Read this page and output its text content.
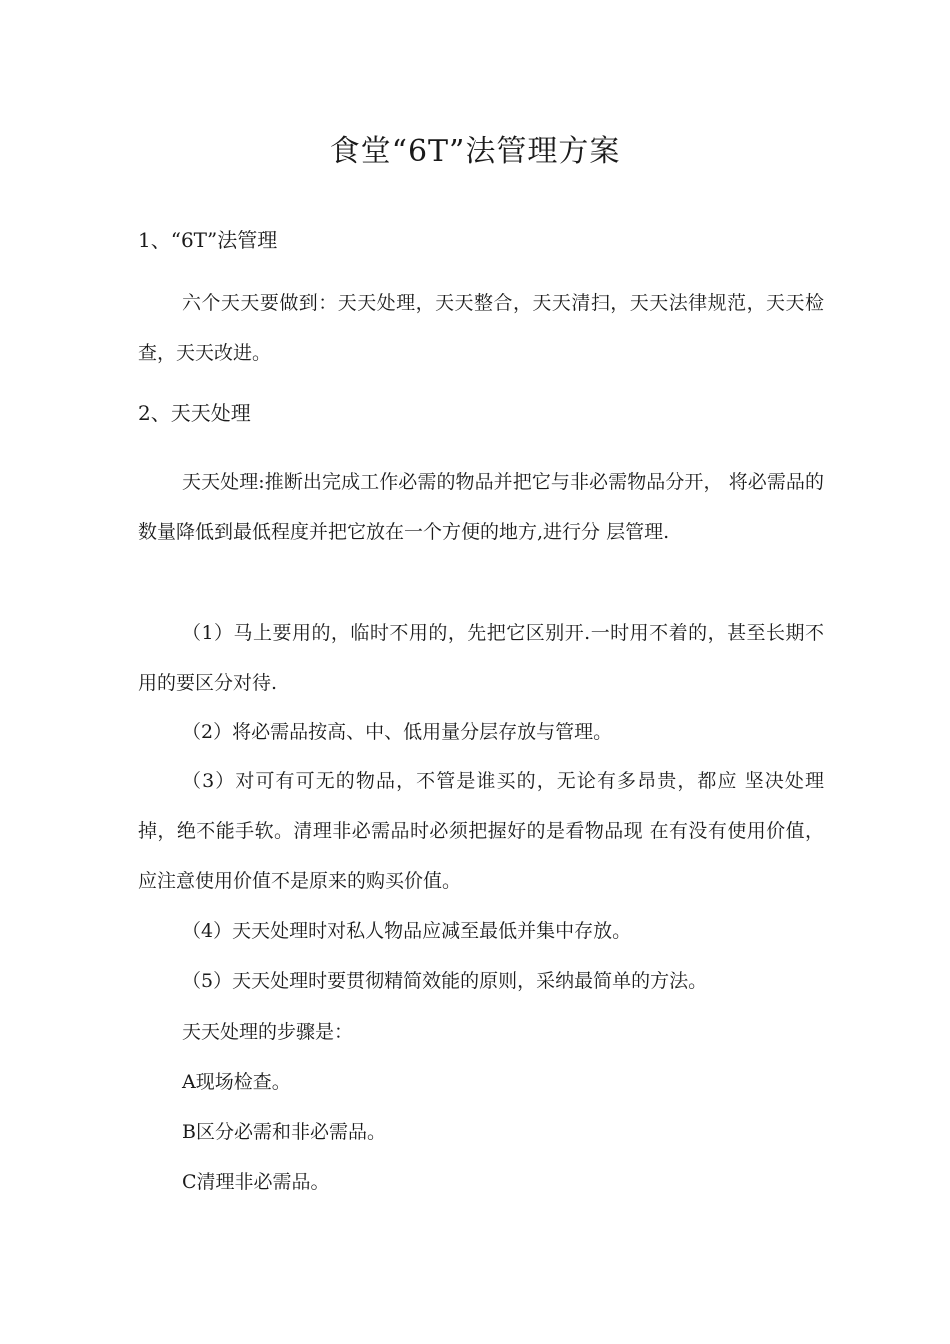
食堂“6T”法管理方案
1、“6T”法管理

六个天天要做到：天天处理，天天整合，天天清扫，天天法律规范，天天检查，天天改进。

2、天天处理

天天处理:推断出完成工作必需的物品并把它与非必需物品分开， 将必需品的数量降低到最低程度并把它放在一个方便的地方,进行分 层管理.

（1）马上要用的，临时不用的，先把它区别开.一时用不着的，甚至长期不用的要区分对待.

（2）将必需品按高、中、低用量分层存放与管理。

（3）对可有可无的物品，不管是谁买的，无论有多昂贵，都应 坚决处理掉，绝不能手软。清理非必需品时必须把握好的是看物品现 在有没有使用价值，应注意使用价值不是原来的购买价值。

（4）天天处理时对私人物品应减至最低并集中存放。
（5）天天处理时要贯彻精简效能的原则，采纳最简单的方法。
天天处理的步骤是：
A现场检查。
B区分必需和非必需品。
C清理非必需品。
